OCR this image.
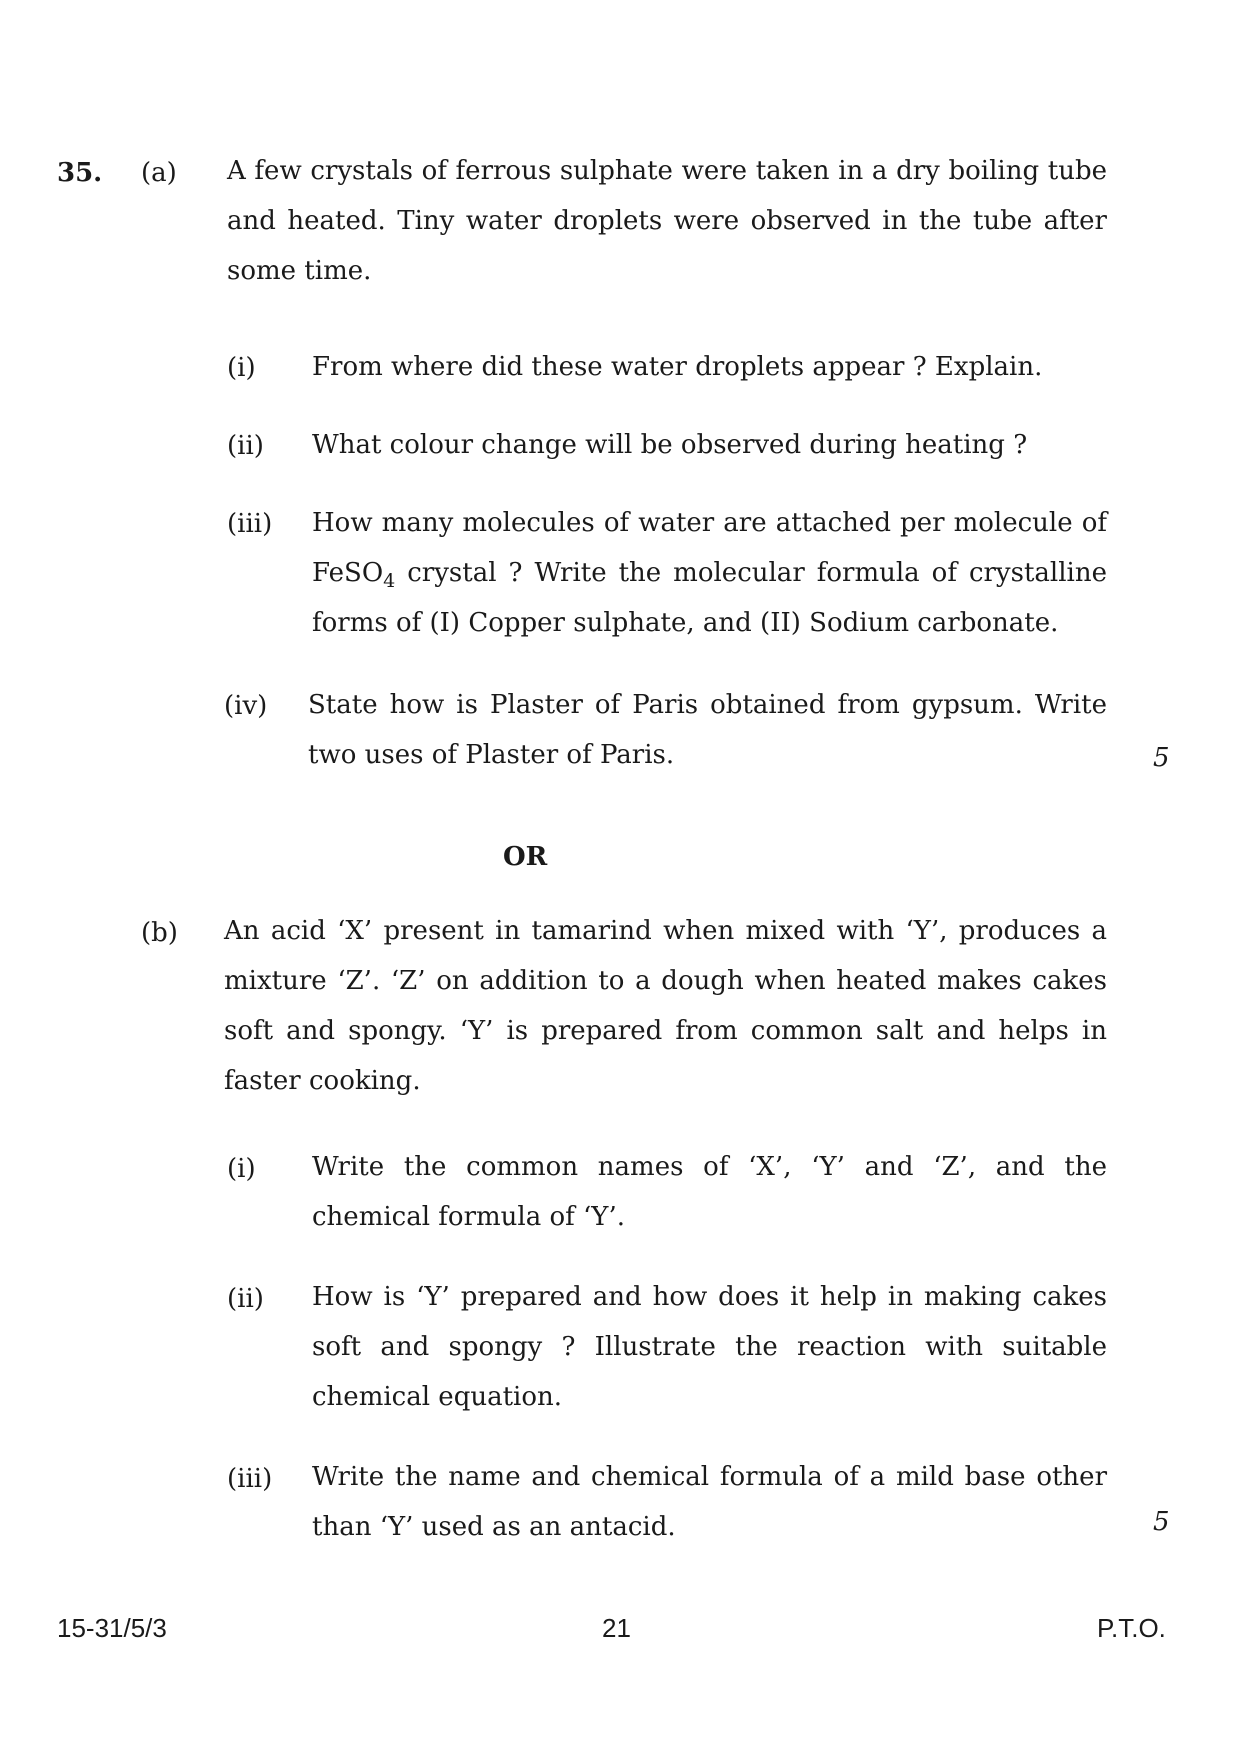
35. (a) A few crystals of ferrous sulphate were taken in a dry boiling tube and heated. Tiny water droplets were observed in the tube after some time.
(i) From where did these water droplets appear ? Explain.
(ii) What colour change will be observed during heating ?
(iii) How many molecules of water are attached per molecule of FeSO$_4$ crystal ? Write the molecular formula of crystalline forms of (I) Copper sulphate, and (II) Sodium carbonate.
(iv) State how is Plaster of Paris obtained from gypsum. Write two uses of Plaster of Paris.	5
OR
(b) An acid ‘X’ present in tamarind when mixed with ‘Y’, produces a mixture ‘Z’. ‘Z’ on addition to a dough when heated makes cakes soft and spongy. ‘Y’ is prepared from common salt and helps in faster cooking.
(i) Write the common names of ‘X’, ‘Y’ and ‘Z’, and the chemical formula of ‘Y’.
(ii) How is ‘Y’ prepared and how does it help in making cakes soft and spongy ? Illustrate the reaction with suitable chemical equation.
(iii) Write the name and chemical formula of a mild base other than ‘Y’ used as an antacid.	5
15-31/5/3	21	P.T.O.
